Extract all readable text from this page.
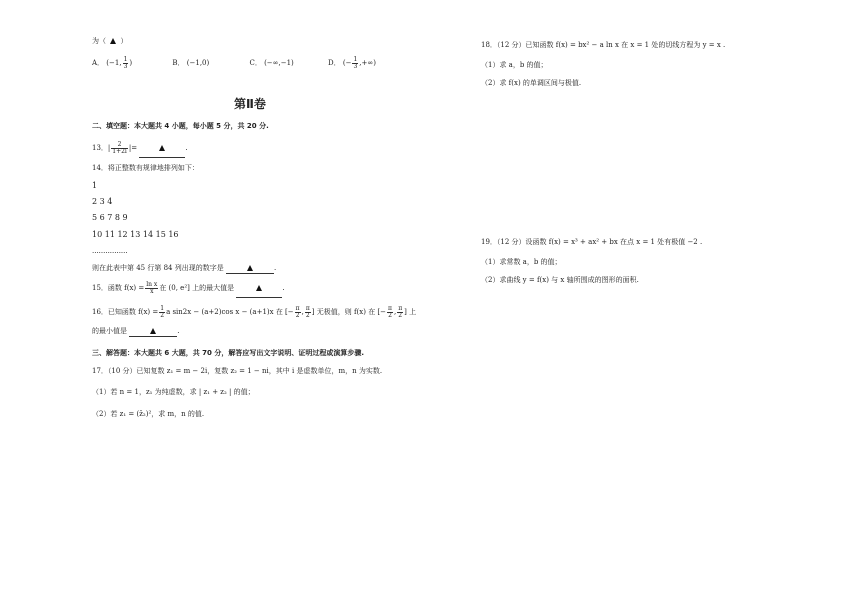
为（ ）
A． (−1, $\frac{1}{3}$ )	B． (−1,0)	C． (−∞,−1)	D． (− $\frac{1}{3}$ ,+∞)
第Ⅱ卷
二、填空题：本大题共 4 小题，每小题 5 分，共 20 分.
13．| $\frac{2}{1+2i}$ |=	.
14．将正整数有规律地排列如下：
1
2 3 4
5 6 7 8 9
10 11 12 13 14 15 16
................
则在此表中第 45 行第 84 列出现的数字是	.
15．函数 $f(x) = \frac{\text{ln x}}{x}$ 在 (0, e²] 上的最大值是	.
16．已知函数 $f(x) = \frac{1}{2}$ a sin2x − (a+2)cos x − (a+1)x 在 [− $\frac{\pi}{2}$ , $\frac{\pi}{2}$ ] 无极值，则 f(x) 在 [− $\frac{\pi}{2}$ , $\frac{\pi}{2}$ ] 上
的最小值是	.
三、解答题：本大题共 6 大题，共 70 分，解答应写出文字说明、证明过程或演算步骤.
17．（10 分）已知复数 z₁ = m − 2i，复数 z₂ = 1 − ni，其中 i 是虚数单位，m，n 为实数.
（1）若 n = 1，z₁ 为纯虚数，求 | z₁ + z₂ | 的值；
（2）若 z₁ = (z̄₂)²，求 m，n 的值.
18．（12 分）已知函数 f(x) = bx² − a ln x 在 x = 1 处的切线方程为 y = x .
（1）求 a，b 的值；
（2）求 f(x) 的单调区间与极值.
19．（12 分）设函数 f(x) = x³ + ax² + bx 在点 x = 1 处有极值 −2 .
（1）求常数 a，b 的值；
（2）求曲线 y = f(x) 与 x 轴所围成的图形的面积.
